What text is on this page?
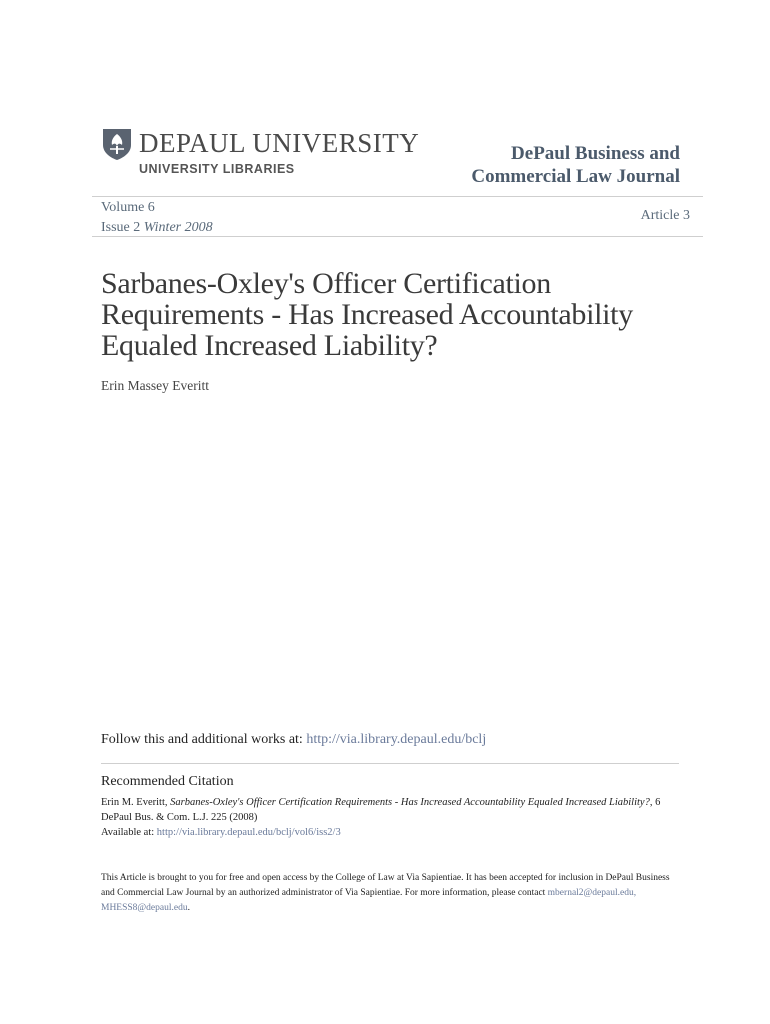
DEPAUL UNIVERSITY
UNIVERSITY LIBRARIES
DePaul Business and
Commercial Law Journal
Volume 6
Issue 2 Winter 2008
Article 3
Sarbanes-Oxley's Officer Certification
Requirements - Has Increased Accountability
Equaled Increased Liability?
Erin Massey Everitt
Follow this and additional works at: http://via.library.depaul.edu/bclj
Recommended Citation
Erin M. Everitt, Sarbanes-Oxley's Officer Certification Requirements - Has Increased Accountability Equaled Increased Liability?, 6 DePaul Bus. & Com. L.J. 225 (2008)
Available at: http://via.library.depaul.edu/bclj/vol6/iss2/3
This Article is brought to you for free and open access by the College of Law at Via Sapientiae. It has been accepted for inclusion in DePaul Business and Commercial Law Journal by an authorized administrator of Via Sapientiae. For more information, please contact mbernal2@depaul.edu, MHESS8@depaul.edu.
